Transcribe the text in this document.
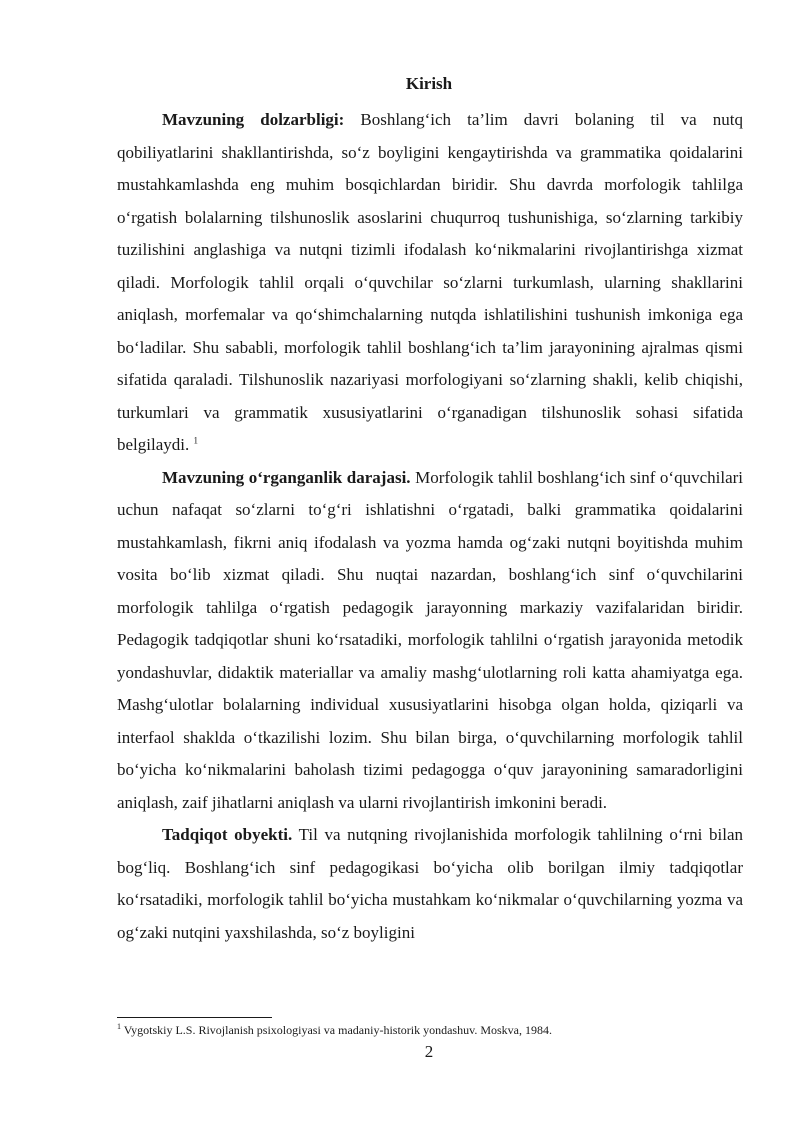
Kirish

Mavzuning dolzarbligi: Boshlang‘ich ta’lim davri bolaning til va nutq qobiliyatlarini shakllantirishda, so‘z boyligini kengaytirishda va grammatika qoidalarini mustahkamlashda eng muhim bosqichlardan biridir. Shu davrda morfologik tahlilga o‘rgatish bolalarning tilshunoslik asoslarini chuqurroq tushunishiga, so‘zlarning tarkibiy tuzilishini anglashiga va nutqni tizimli ifodalash ko‘nikmalarini rivojlantirishga xizmat qiladi. Morfologik tahlil orqali o‘quvchilar so‘zlarni turkumlash, ularning shakllarini aniqlash, morfemalar va qo‘shimchalarning nutqda ishlatilishini tushunish imkoniga ega bo‘ladilar. Shu sababli, morfologik tahlil boshlang‘ich ta’lim jarayonining ajralmas qismi sifatida qaraladi. Tilshunoslik nazariyasi morfologiyani so‘zlarning shakli, kelib chiqishi, turkumlari va grammatik xususiyatlarini o‘rganadigan tilshunoslik sohasi sifatida belgilaydi. $^1$

Mavzuning o‘rganganlik darajasi. Morfologik tahlil boshlang‘ich sinf o‘quvchilari uchun nafaqat so‘zlarni to‘g‘ri ishlatishni o‘rgatadi, balki grammatika qoidalarini mustahkamlash, fikrni aniq ifodalash va yozma hamda og‘zaki nutqni boyitishda muhim vosita bo‘lib xizmat qiladi. Shu nuqtai nazardan, boshlang‘ich sinf o‘quvchilarini morfologik tahlilga o‘rgatish pedagogik jarayonning markaziy vazifalaridan biridir. Pedagogik tadqiqotlar shuni ko‘rsatadiki, morfologik tahlilni o‘rgatish jarayonida metodik yondashuvlar, didaktik materiallar va amaliy mashg‘ulotlarning roli katta ahamiyatga ega. Mashg‘ulotlar bolalarning individual xususiyatlarini hisobga olgan holda, qiziqarli va interfaol shaklda o‘tkazilishi lozim. Shu bilan birga, o‘quvchilarning morfologik tahlil bo‘yicha ko‘nikmalarini baholash tizimi pedagogga o‘quv jarayonining samaradorligini aniqlash, zaif jihatlarni aniqlash va ularni rivojlantirish imkonini beradi.

Tadqiqot obyekti. Til va nutqning rivojlanishida morfologik tahlilning o‘rni bilan bog‘liq. Boshlang‘ich sinf pedagogikasi bo‘yicha olib borilgan ilmiy tadqiqotlar ko‘rsatadiki, morfologik tahlil bo‘yicha mustahkam ko‘nikmalar o‘quvchilarning yozma va og‘zaki nutqini yaxshilashda, so‘z boyligini

$^1$ Vygotskiy L.S. Rivojlanish psixologiyasi va madaniy-historik yondashuv. Moskva, 1984.
2
